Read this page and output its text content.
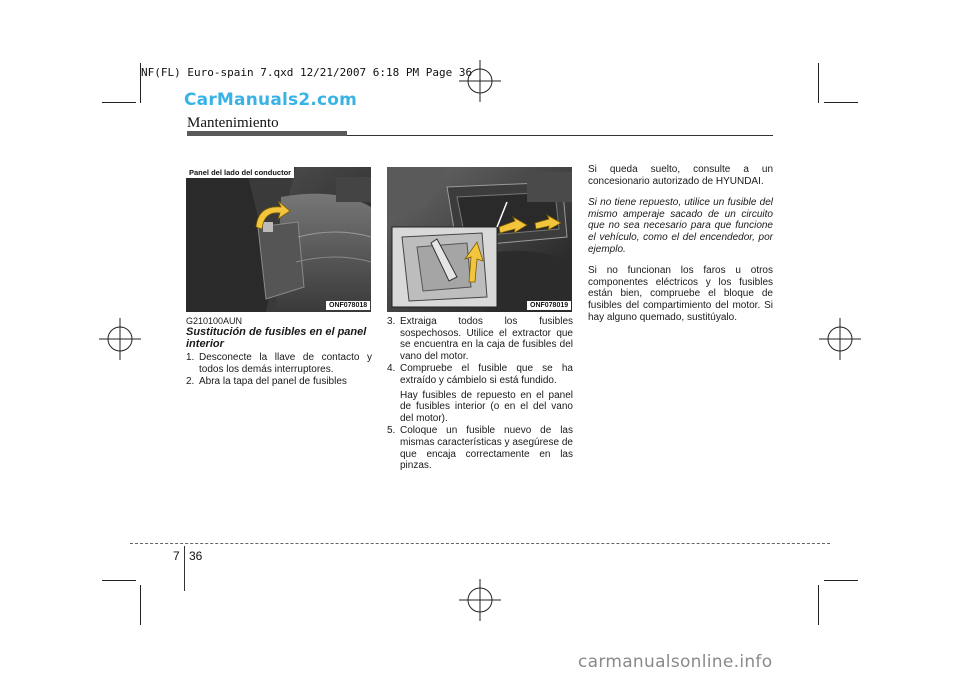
NF(FL) Euro-spain 7.qxd 12/21/2007 6:18 PM Page 36
CarManuals2.com
Mantenimiento
Panel del lado del conductor
ONF078018	ONF078019
G210100AUN
Sustitución de fusibles en el panel interior
1. Desconecte la llave de contacto y todos los demás interruptores.
2. Abra la tapa del panel de fusibles
3. Extraiga todos los fusibles sospechosos. Utilice el extractor que se encuentra en la caja de fusibles del vano del motor.
4. Compruebe el fusible que se ha extraído y cámbielo si está fundido.

Hay fusibles de repuesto en el panel de fusibles interior (o en el del vano del motor).

5. Coloque un fusible nuevo de las mismas características y asegúrese de que encaja correctamente en las pinzas.

Si queda suelto, consulte a un concesionario autorizado de HYUNDAI.

Si no tiene repuesto, utilice un fusible del mismo amperaje sacado de un circuito que no sea necesario para que funcione el vehículo, como el del encendedor, por ejemplo.

Si no funcionan los faros u otros componentes eléctricos y los fusibles están bien, compruebe el bloque de fusibles del compartimiento del motor. Si hay alguno quemado, sustitúyalo.

7 36
carmanualsonline.info
